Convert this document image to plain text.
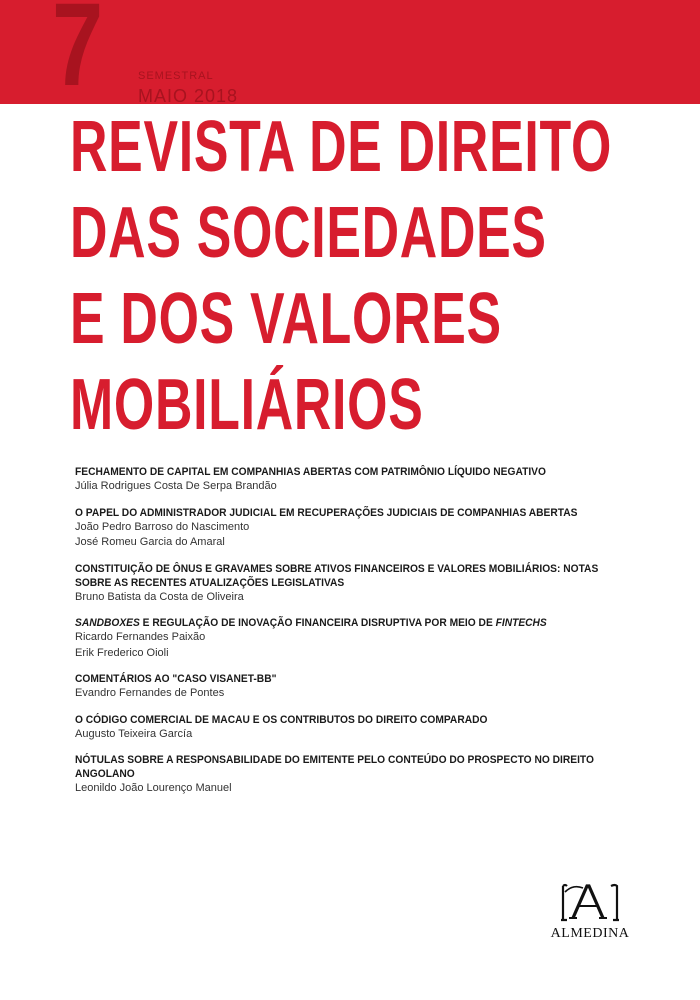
7	SEMESTRAL
MAIO 2018
REVISTA DE DIREITO
DAS SOCIEDADES
E DOS VALORES
MOBILIÁRIOS
FECHAMENTO DE CAPITAL EM COMPANHIAS ABERTAS COM PATRIMÔNIO LÍQUIDO NEGATIVO
Júlia Rodrigues Costa De Serpa Brandão
O PAPEL DO ADMINISTRADOR JUDICIAL EM RECUPERAÇÕES JUDICIAIS DE COMPANHIAS ABERTAS
João Pedro Barroso do Nascimento
José Romeu Garcia do Amaral
CONSTITUIÇÃO DE ÔNUS E GRAVAMES SOBRE ATIVOS FINANCEIROS E VALORES MOBILIÁRIOS: NOTAS SOBRE AS RECENTES ATUALIZAÇÕES LEGISLATIVAS
Bruno Batista da Costa de Oliveira
SANDBOXES E REGULAÇÃO DE INOVAÇÃO FINANCEIRA DISRUPTIVA POR MEIO DE FINTECHS
Ricardo Fernandes Paixão
Erik Frederico Oioli
COMENTÁRIOS AO "CASO VISANET-BB"
Evandro Fernandes de Pontes
O CÓDIGO COMERCIAL DE MACAU E OS CONTRIBUTOS DO DIREITO COMPARADO
Augusto Teixeira García
NÓTULAS SOBRE A RESPONSABILIDADE DO EMITENTE PELO CONTEÚDO DO PROSPECTO NO DIREITO ANGOLANO
Leonildo João Lourenço Manuel
ALMEDINA
